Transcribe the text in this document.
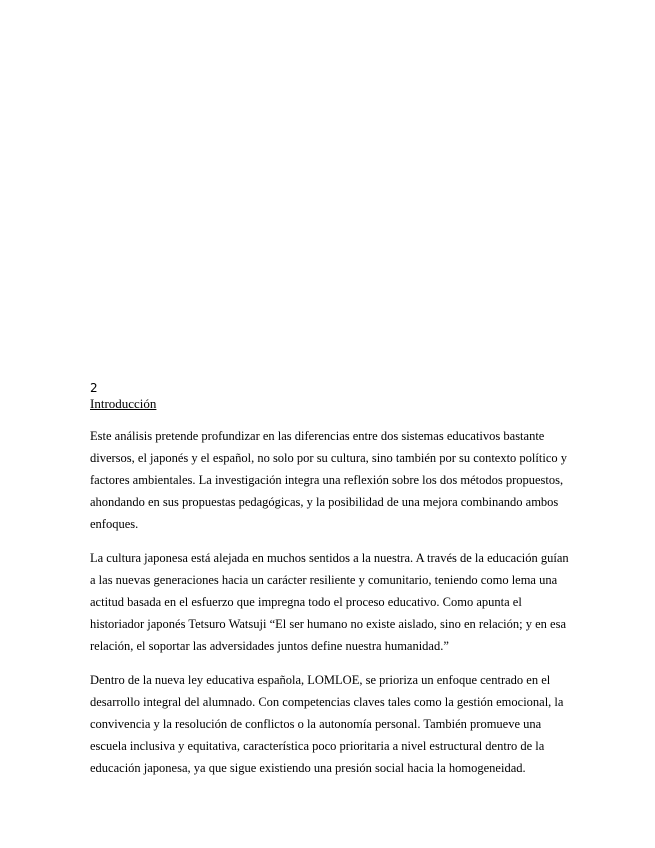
2
Introducción

Este análisis pretende profundizar en las diferencias entre dos sistemas educativos bastante diversos, el japonés y el español, no solo por su cultura, sino también por su contexto político y factores ambientales. La investigación integra una reflexión sobre los dos métodos propuestos, ahondando en sus propuestas pedagógicas, y la posibilidad de una mejora combinando ambos enfoques.

La cultura japonesa está alejada en muchos sentidos a la nuestra. A través de la educación guían a las nuevas generaciones hacia un carácter resiliente y comunitario, teniendo como lema una actitud basada en el esfuerzo que impregna todo el proceso educativo. Como apunta el historiador japonés Tetsuro Watsuji “El ser humano no existe aislado, sino en relación; y en esa relación, el soportar las adversidades juntos define nuestra humanidad.”

Dentro de la nueva ley educativa española, LOMLOE, se prioriza un enfoque centrado en el desarrollo integral del alumnado. Con competencias claves tales como la gestión emocional, la convivencia y la resolución de conflictos o la autonomía personal. También promueve una escuela inclusiva y equitativa, característica poco prioritaria a nivel estructural dentro de la educación japonesa, ya que sigue existiendo una presión social hacia la homogeneidad.
